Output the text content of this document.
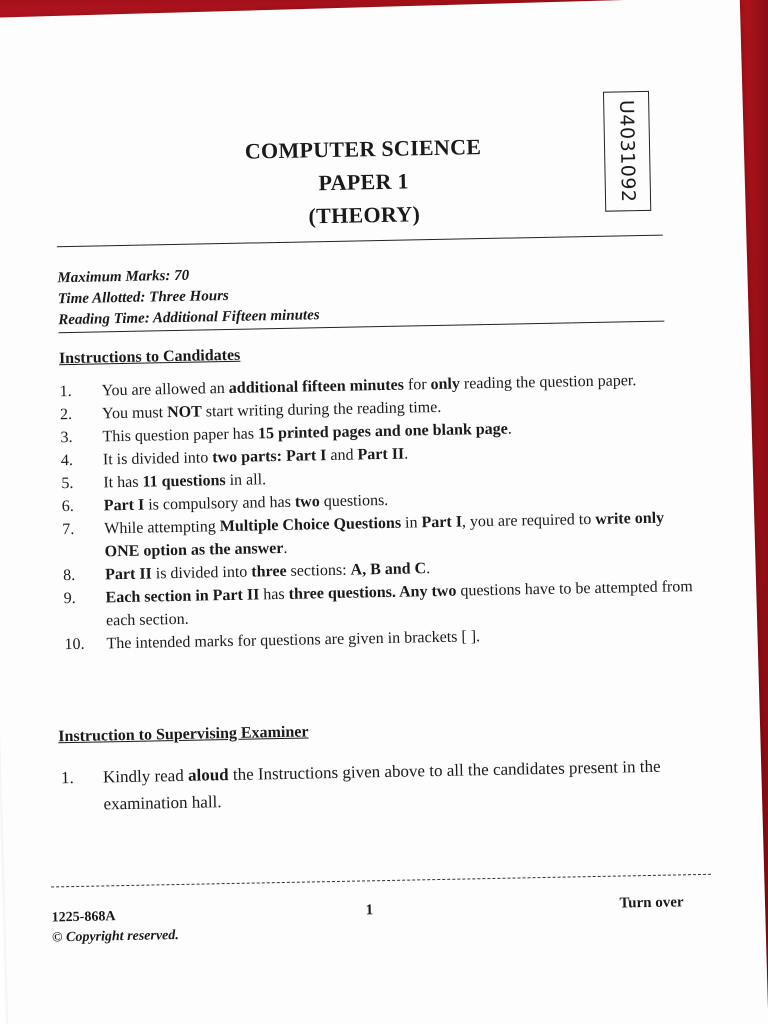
COMPUTER SCIENCE
PAPER 1
(THEORY)
U4031092
Maximum Marks: 70
Time Allotted: Three Hours
Reading Time: Additional Fifteen minutes
Instructions to Candidates
1.	You are allowed an additional fifteen minutes for only reading the question paper.
2.	You must NOT start writing during the reading time.
3.	This question paper has 15 printed pages and one blank page.
4.	It is divided into two parts: Part I and Part II.
5.	It has 11 questions in all.
6.	Part I is compulsory and has two questions.
7.	While attempting Multiple Choice Questions in Part I, you are required to write only ONE option as the answer.
8.	Part II is divided into three sections: A, B and C.
9.	Each section in Part II has three questions. Any two questions have to be attempted from each section.
10.	The intended marks for questions are given in brackets [ ].
Instruction to Supervising Examiner
1.	Kindly read aloud the Instructions given above to all the candidates present in the examination hall.
1225-868A
© Copyright reserved.
1	Turn over
